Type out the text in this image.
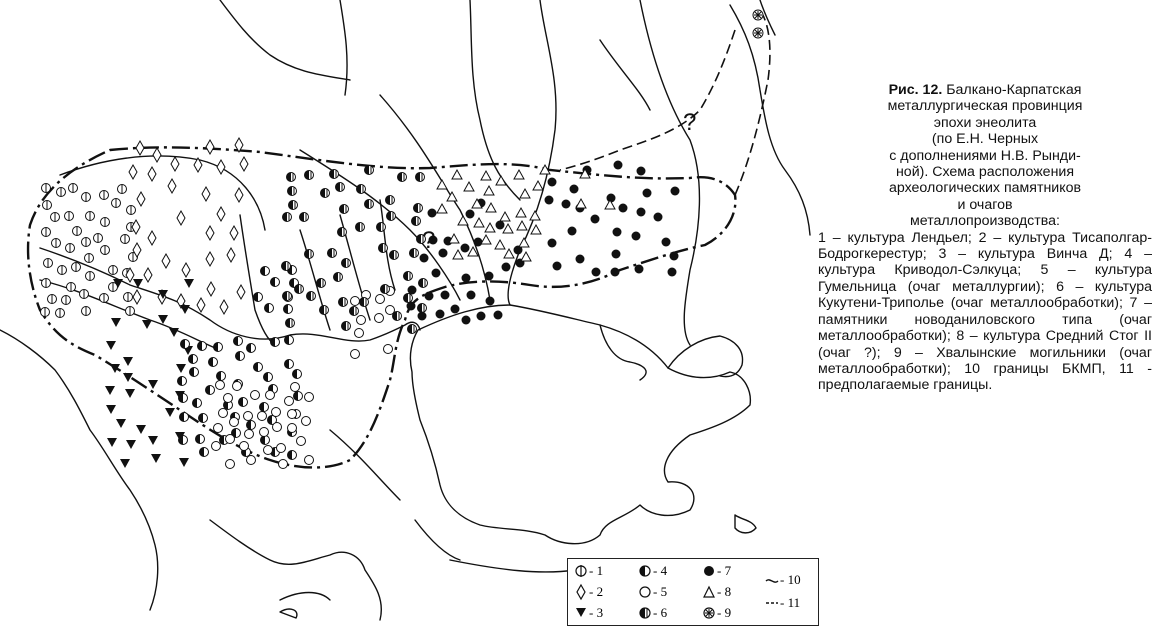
?
?
Рис. 12. Балкано-Карпатская
металлургическая провинция
эпохи энеолита
(по Е.Н. Черных
с дополнениями Н.В. Рынди-
ной). Схема расположения
археологических памятников
и очагов
металлопроизводства:
1 – культура Лендьел; 2 – культура Тисаполгар-Бодрогкерестур; 3 – культура Винча Д; 4 – культура Криводол-Сэлкуца; 5 – культура Гумельница (очаг металлургии); 6 – культура Кукутени-Триполье (очаг металлообработки); 7 – памятники новоданиловского типа (очаг металлообработки); 8 – культура Средний Стог II (очаг ?); 9 – Хвалынские могильники (очаг металлообработки); 10 границы БКМП, 11 - предполагаемые границы.
- 1
- 2
- 3
- 4
- 5
- 6
- 7
- 8
- 9
- 10
- 11
